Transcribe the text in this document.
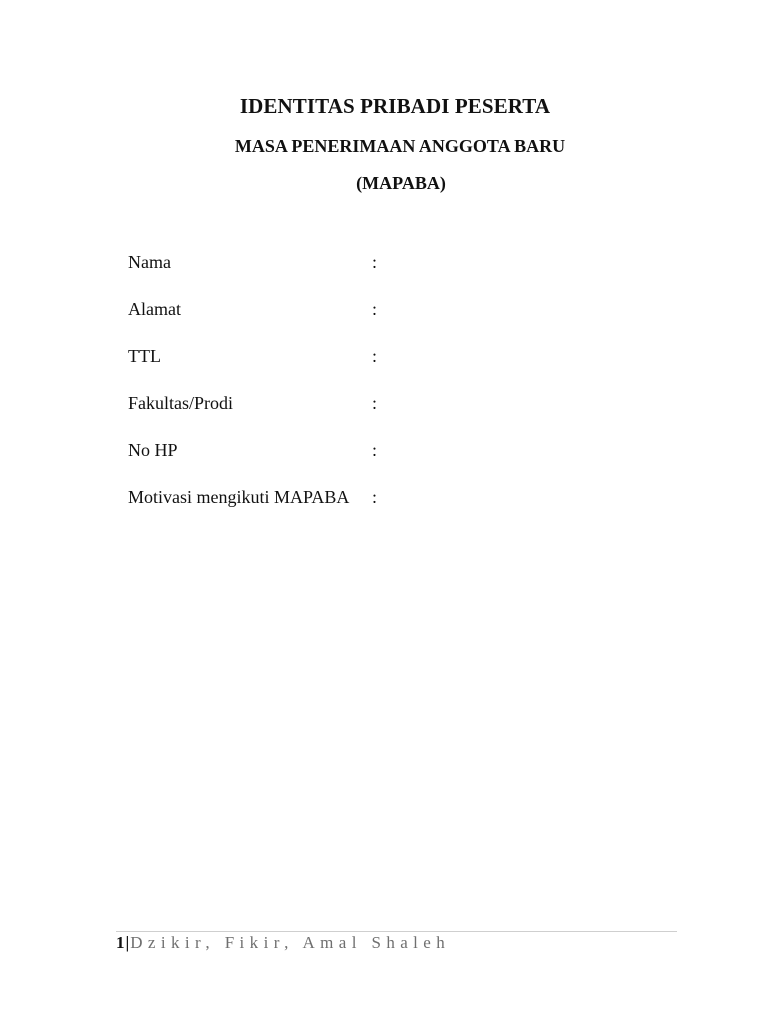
IDENTITAS PRIBADI PESERTA
MASA PENERIMAAN ANGGOTA BARU
(MAPABA)
Nama	:
Alamat	:
TTL	:
Fakultas/Prodi	:
No HP	:
Motivasi mengikuti MAPABA :
1|Dzikir, Fikir, Amal Shaleh
